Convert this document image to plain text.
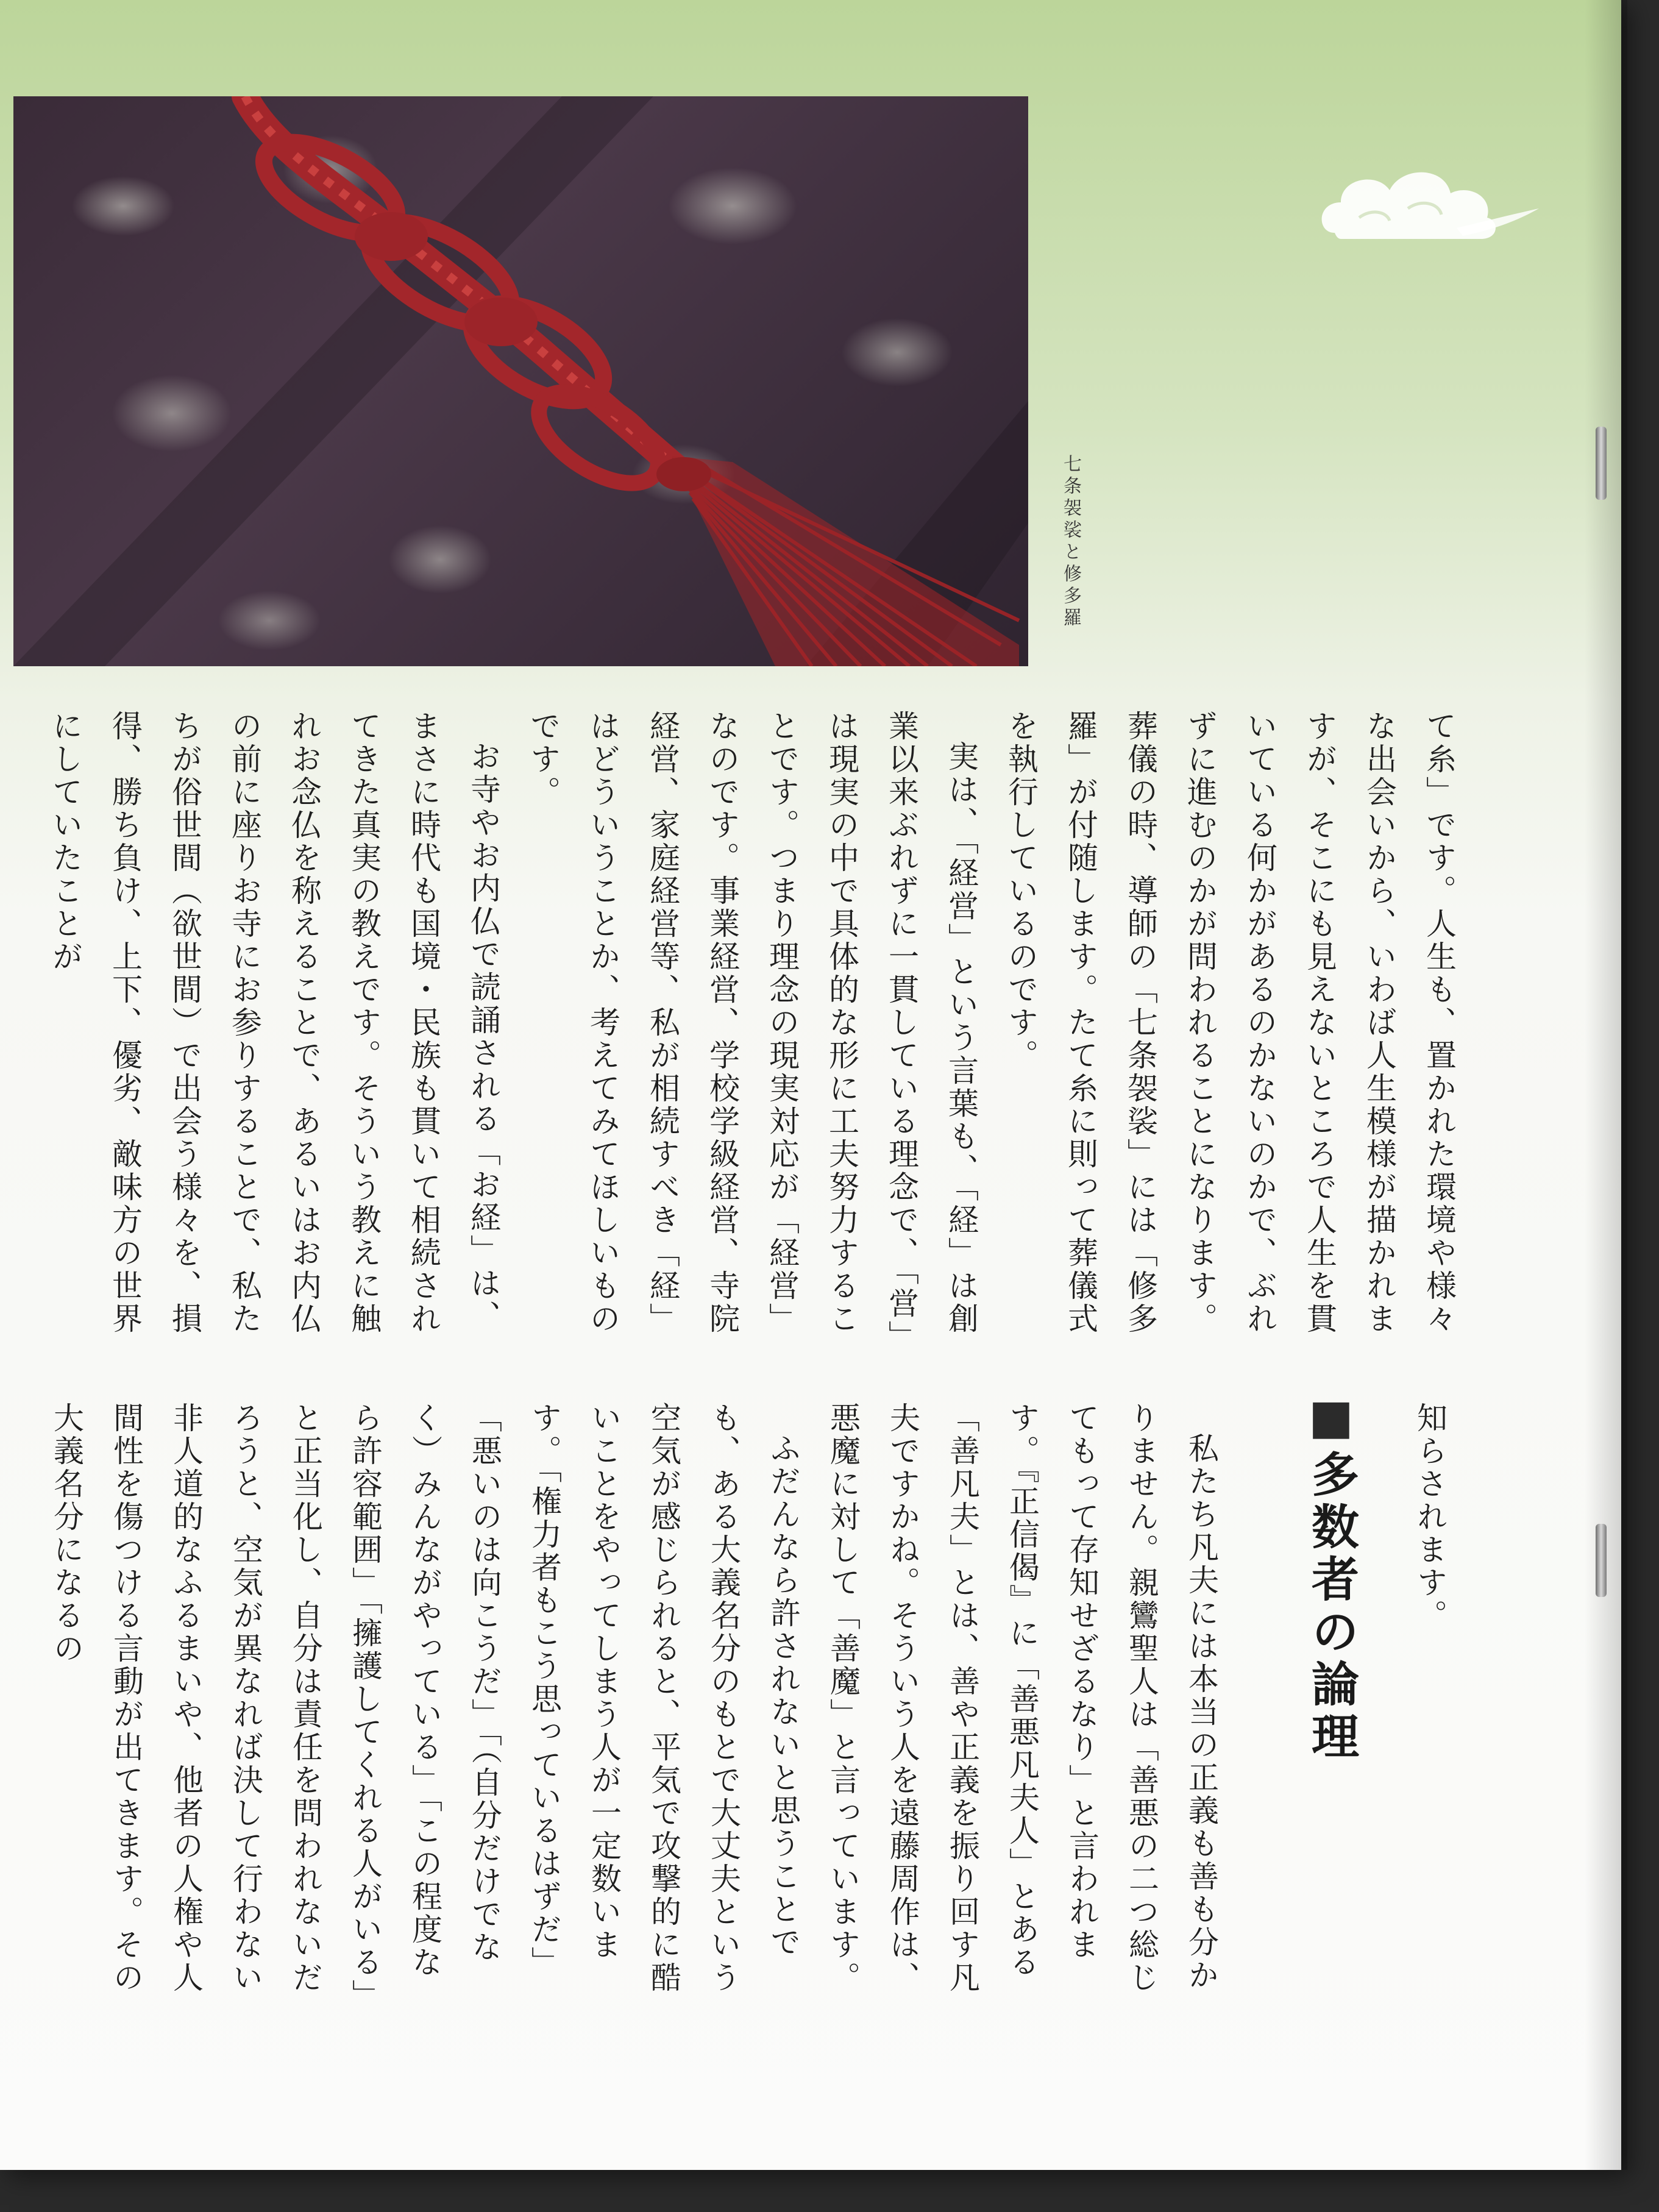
七条袈裟と修多羅

て糸」です。人生も、置かれた環境や様々な出会いから、いわば人生模様が描かれますが、そこにも見えないところで人生を貫いている何かがあるのかないのかで、ぶれずに進むのかが問われることになります。葬儀の時、導師の「七条袈裟」には「修多羅」が付随します。たて糸に則って葬儀式を執行しているのです。

実は、「経営」という言葉も、「経」は創業以来ぶれずに一貫している理念で、「営」は現実の中で具体的な形に工夫努力することです。つまり理念の現実対応が「経営」なのです。事業経営、学校学級経営、寺院経営、家庭経営等、私が相続すべき「経」はどういうことか、考えてみてほしいものです。

お寺やお内仏で読誦される「お経」は、まさに時代も国境・民族も貫いて相続されてきた真実の教えです。そういう教えに触れお念仏を称えることで、あるいはお内仏の前に座りお寺にお参りすることで、私たちが俗世間（欲世間）で出会う様々を、損得、勝ち負け、上下、優劣、敵味方の世界にしていたことが

知らされます。

■多数者の論理

私たち凡夫には本当の正義も善も分かりません。親鸞聖人は「善悪の二つ総じてもって存知せざるなり」と言われます。『正信偈』に「善悪凡夫人」とある「善凡夫」とは、善や正義を振り回す凡夫ですかね。そういう人を遠藤周作は、悪魔に対して「善魔」と言っています。

ふだんなら許されないと思うことでも、ある大義名分のもとで大丈夫という空気が感じられると、平気で攻撃的に酷いことをやってしまう人が一定数います。「権力者もこう思っているはずだ」「悪いのは向こうだ」「（自分だけでなく）みんながやっている」「この程度なら許容範囲」「擁護してくれる人がいる」と正当化し、自分は責任を問われないだろうと、空気が異なれば決して行わない非人道的なふるまいや、他者の人権や人間性を傷つける言動が出てきます。その大義名分になるの
